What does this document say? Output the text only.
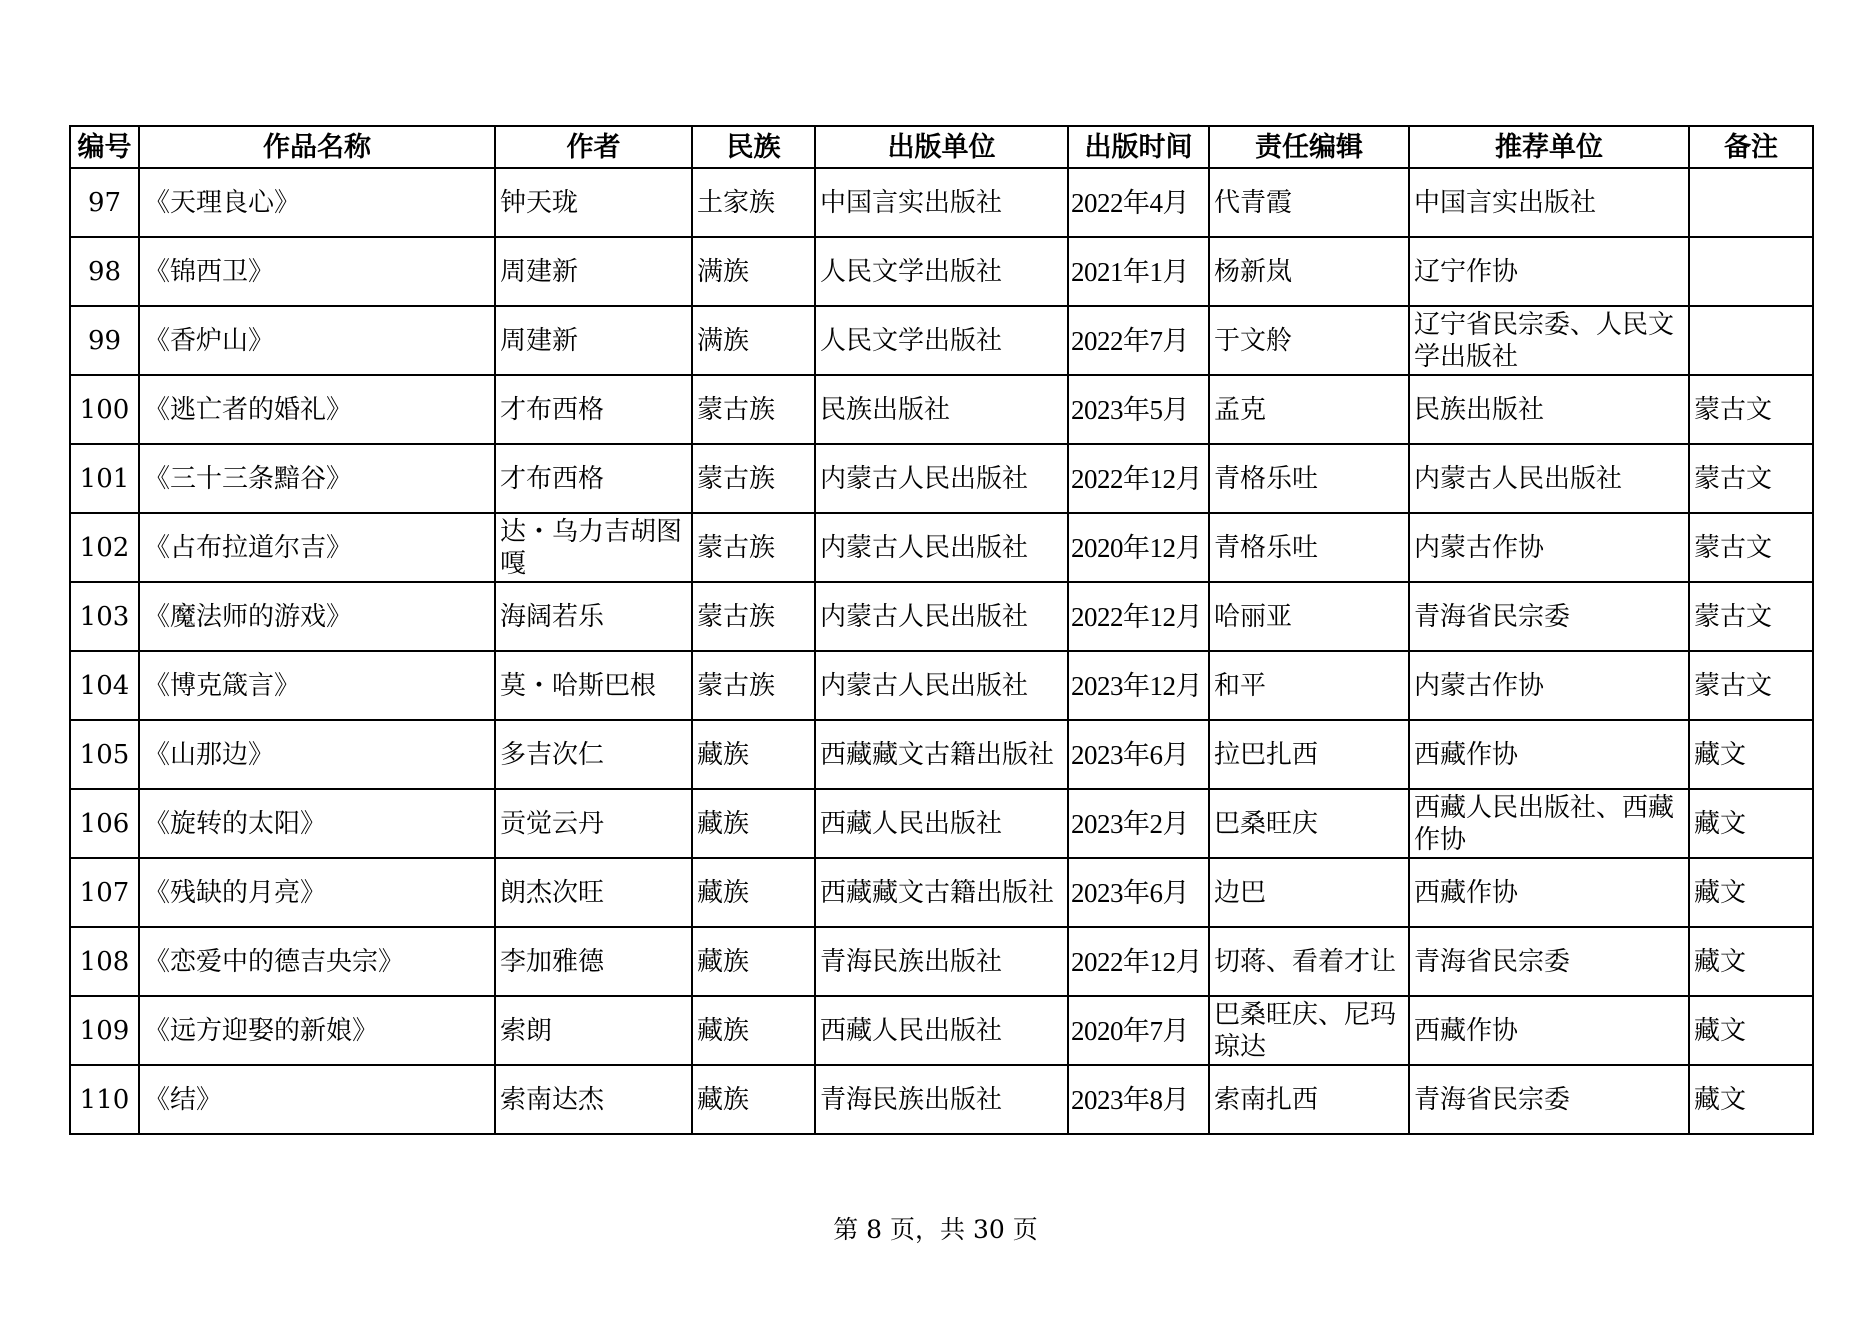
编号	作品名称	作者	民族	出版单位	出版时间	责任编辑	推荐单位	备注
97	《天理良心》	钟天珑	土家族	中国言实出版社	2022年4月	代青霞	中国言实出版社	
98	《锦西卫》	周建新	满族	人民文学出版社	2021年1月	杨新岚	辽宁作协	
99	《香炉山》	周建新	满族	人民文学出版社	2022年7月	于文舲	辽宁省民宗委、人民文学出版社	
100	《逃亡者的婚礼》	才布西格	蒙古族	民族出版社	2023年5月	孟克	民族出版社	蒙古文
101	《三十三条黯谷》	才布西格	蒙古族	内蒙古人民出版社	2022年12月	青格乐吐	内蒙古人民出版社	蒙古文
102	《占布拉道尔吉》	达・乌力吉胡图嘎	蒙古族	内蒙古人民出版社	2020年12月	青格乐吐	内蒙古作协	蒙古文
103	《魔法师的游戏》	海阔若乐	蒙古族	内蒙古人民出版社	2022年12月	哈丽亚	青海省民宗委	蒙古文
104	《博克箴言》	莫・哈斯巴根	蒙古族	内蒙古人民出版社	2023年12月	和平	内蒙古作协	蒙古文
105	《山那边》	多吉次仁	藏族	西藏藏文古籍出版社	2023年6月	拉巴扎西	西藏作协	藏文
106	《旋转的太阳》	贡觉云丹	藏族	西藏人民出版社	2023年2月	巴桑旺庆	西藏人民出版社、西藏作协	藏文
107	《残缺的月亮》	朗杰次旺	藏族	西藏藏文古籍出版社	2023年6月	边巴	西藏作协	藏文
108	《恋爱中的德吉央宗》	李加雅德	藏族	青海民族出版社	2022年12月	切蒋、看着才让	青海省民宗委	藏文
109	《远方迎娶的新娘》	索朗	藏族	西藏人民出版社	2020年7月	巴桑旺庆、尼玛琼达	西藏作协	藏文
110	《结》	索南达杰	藏族	青海民族出版社	2023年8月	索南扎西	青海省民宗委	藏文
第 8 页，共 30 页
